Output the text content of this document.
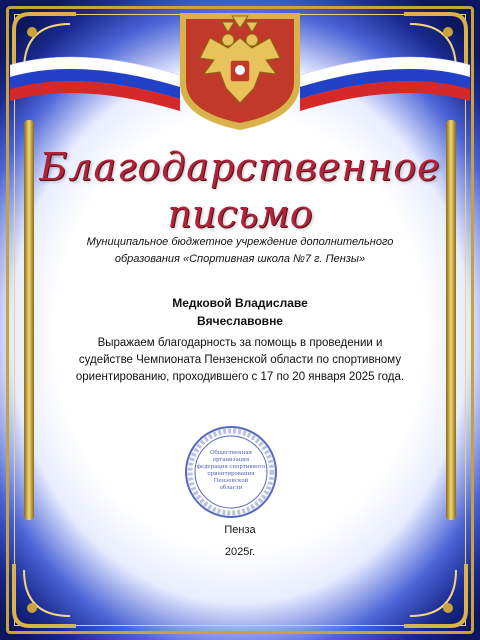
Благодарственное
письмо
Муниципальное бюджетное учреждение дополнительного образования «Спортивная школа №7 г. Пензы»
Медковой Владиславе
Вячеславовне
Выражаем благодарность за помощь в проведении и судействе Чемпионата Пензенской области по спортивному ориентированию, проходившего с 17 по 20 января 2025 года.
Общественная
организация
федерация спортивного
ориентирования
Пензенской
области
Пенза
2025г.
